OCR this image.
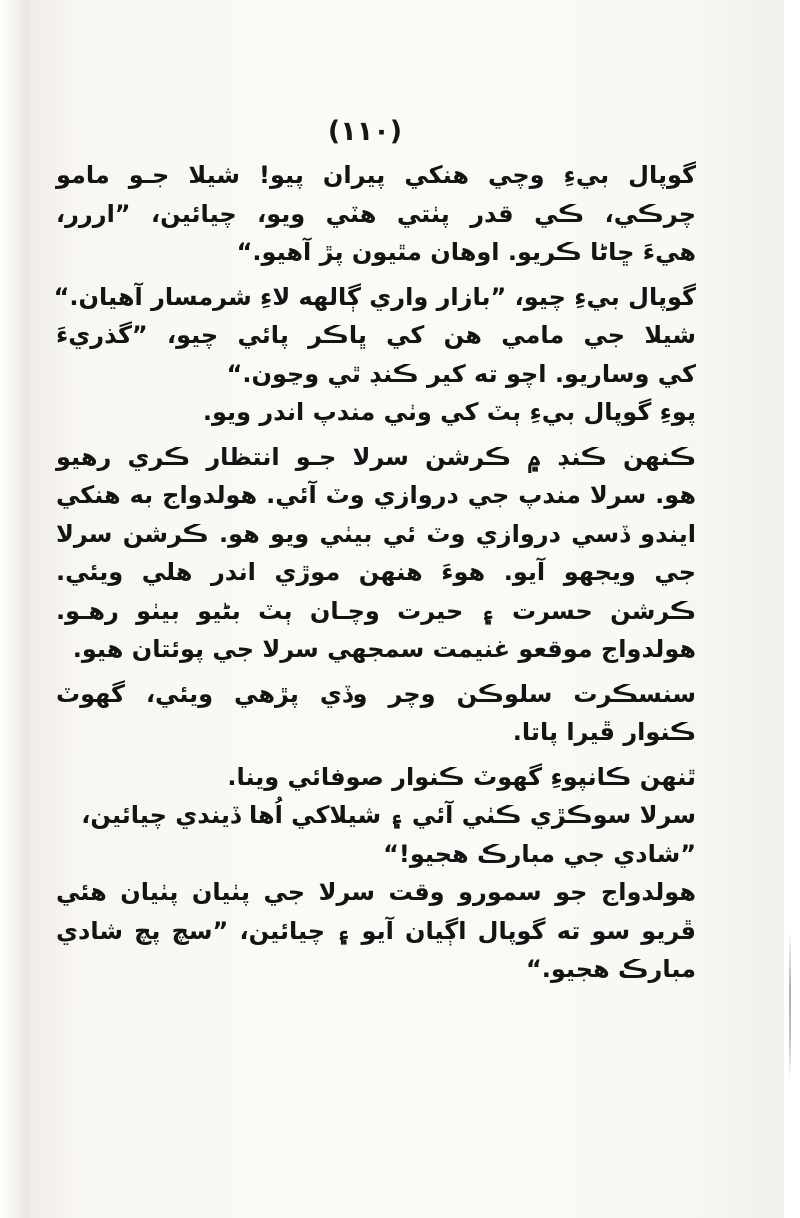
(١١٠)
گوپال بيءِ وچي هنکي پيران پيو! شيلا جـو مامو
چرڪي، ڪي قدر پٺتي هٽي ويو، چيائين، ”اررر،
هيءَ ڇاڻا ڪريو. اوهان مٿيون پڙ آهيو.“
گوپال بيءِ چيو، ”بازار واري ڳالهه لاءِ شرمسار آهيان.“
شيلا جي مامي هن کي ڀاڪر پائي چيو، ”گذريءَ
کي وساريو. اچو ته کير ڪنڊ ٿي وڃون.“
پوءِ گوپال بيءِ ٻٽ کي وٺي مندپ اندر ويو.
ڪنهن ڪنڊ ۾ ڪرشن سرلا جـو انتظار ڪري رهيو
هو. سرلا مندپ جي دروازي وٽ آئي. هولدواج به هنکي
ايندو ڏسي دروازي وٽ ئي بيٺي ويو هو. ڪرشن سرلا
جي ويجهو آيو. هوءَ هنهن موڙي اندر هلي ويئي.
ڪرشن حسرت ۽ حيرت وچـان ٻٽ بڻيو بيٺو رهـو.
هولدواج موقعو غنيمت سمجهي سرلا جي پوئتان هيو.
سنسڪرت سلوڪن وچر وڏي پڙهي ويئي، گهوٽ
ڪنوار ڦيرا پاتا.
ٿنهن ڪانپوءِ گهوٽ ڪنوار صوفائي وينا.
سرلا سوڪڙي ڪٺي آئي ۽ شيلاکي اُها ڏيندي چيائين،
”شادي جي مبارڪ هجيو!“
هولدواج جو سمورو وقت سرلا جي پٺيان پٺيان هئي
ڦريو سو ته گوپال اڳيان آيو ۽ چيائين، ”سچ پچ شادي
مبارڪ هجيو.“
